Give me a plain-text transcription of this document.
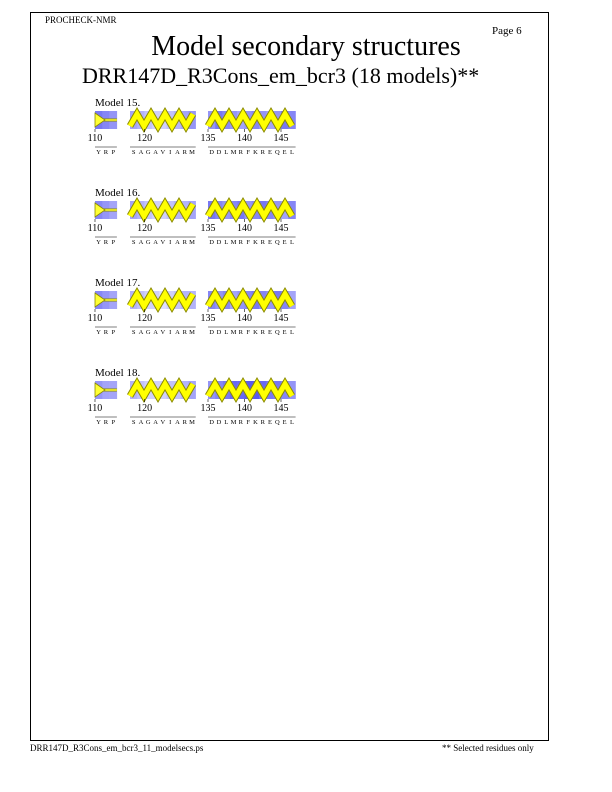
PROCHECK-NMR
Page 6
Model secondary structures
DRR147D_R3Cons_em_bcr3 (18 models)**
Model 15.
Y R P	S A G A V I A R M D D L M R F K R E Q E L
110	120	135 140 145
Model 16.
Y R P	S A G A V I A R M D D L M R F K R E Q E L
110	120	135 140 145
Model 17.
Y R P	S A G A V I A R M D D L M R F K R E Q E L
110	120	135 140 145
Model 18.
Y R P	S A G A V I A R M D D L M R F K R E Q E L
110	120	135 140 145
DRR147D_R3Cons_em_bcr3_11_modelsecs.ps	** Selected residues only
